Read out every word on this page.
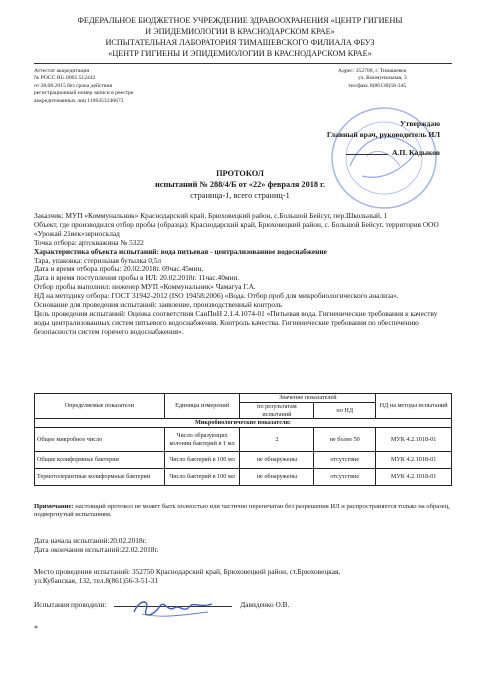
ФЕДЕРАЛЬНОЕ БЮДЖЕТНОЕ УЧРЕЖДЕНИЕ ЗДРАВООХРАНЕНИЯ «ЦЕНТР ГИГИЕНЫ
И ЭПИДЕМИОЛОГИИ В КРАСНОДАРСКОМ КРАЕ»
ИСПЫТАТЕЛЬНАЯ ЛАБОРАТОРИЯ ТИМАШЕВСКОГО ФИЛИАЛА ФБУЗ
«ЦЕНТР ГИГИЕНЫ И ЭПИДЕМИОЛОГИИ В КРАСНОДАРСКОМ КРАЕ»
Аттестат аккредитации
№ РОСС RU.0001.512442
от 28.08.2015 без срока действия
регистрационный номер записи в реестре
аккредитованных лиц 1106453146673
Адрес: 352700, г. Тимашевск
ул. Коммунальная, 3
тел/факс 8(86130)58-345
Утверждаю
Главный врач, руководитель ИЛ
А.П. Кадыков
ПРОТОКОЛ
испытаний № 288/4/Б от «22» февраля 2018 г.
страница-1, всего страниц-1

Заказчик: МУП «Коммунальник» Краснодарский край, Брюховецкий район, с.Большой Бейсуг, пер.Школьный, 1

Объект, где производился отбор пробы (образца): Краснодарский край, Брюховецкий район, с. Большой Бейсуг, территория ООО «Урожай 21век»зерносклад

Точка отбора: артскважина № 5322

Характеристика объекта испытаний: вода питьевая - централизованное водоснабжение

Тара, упаковка: стерильная бутылка 0,5л

Дата и время отбора пробы: 20.02.2018г. 09час.45мин.

Дата и время поступления пробы в ИЛ: 20.02.2018г. 11час.40мин.

Отбор пробы выполнил: инженер МУП «Коммунальник» Чамагуа Г.А.

НД на методику отбора: ГОСТ 31942-2012 (ISO 19458:2006) «Вода. Отбор проб для микробиологического анализа».

Основание для проведения испытаний: заявление, производственный контроль

Цель проведения испытаний: Оценка соответствия СанПиН 2.1.4.1074-01 «Питьевая вода. Гигиенические требования к качеству воды централизованных систем питьевого водоснабжения. Контроль качества. Гигиенические требования по обеспечению безопасности систем горячего водоснабжения».

Определяемые показатели	Единицы измерений	Значение показателей		НД на методы испытаний
		по результатам испытаний	по НД	
Микробиологические показатели:				
Общее микробное число	Число образующих колонии бактерий в 1 мл	2	не более 50	МУК 4.2.1018-01
Общие колиформные бактерии	Число бактерий в 100 мл	не обнаружены	отсутствие	МУК 4.2.1018-01
Термотолерантные колиформные бактерии	Число бактерий в 100 мл	не обнаружены	отсутствие	МУК 4.2.1018-01
Примечание: настоящий протокол не может быть полностью или частично перепечатан без разрешения ИЛ и распространяется только на образец, подвергнутый испытаниям.
Дата начала испытаний:20.02.2018г.
Дата окончания испытаний:22.02.2018г.
Место проведения испытаний: 352750 Краснодарский край, Брюховецкий район, ст.Брюховецкая,
ул.Кубанская, 132, тел.8(861)56-3-51-31
Испытания проводили:	Давиденко О.В.
*
